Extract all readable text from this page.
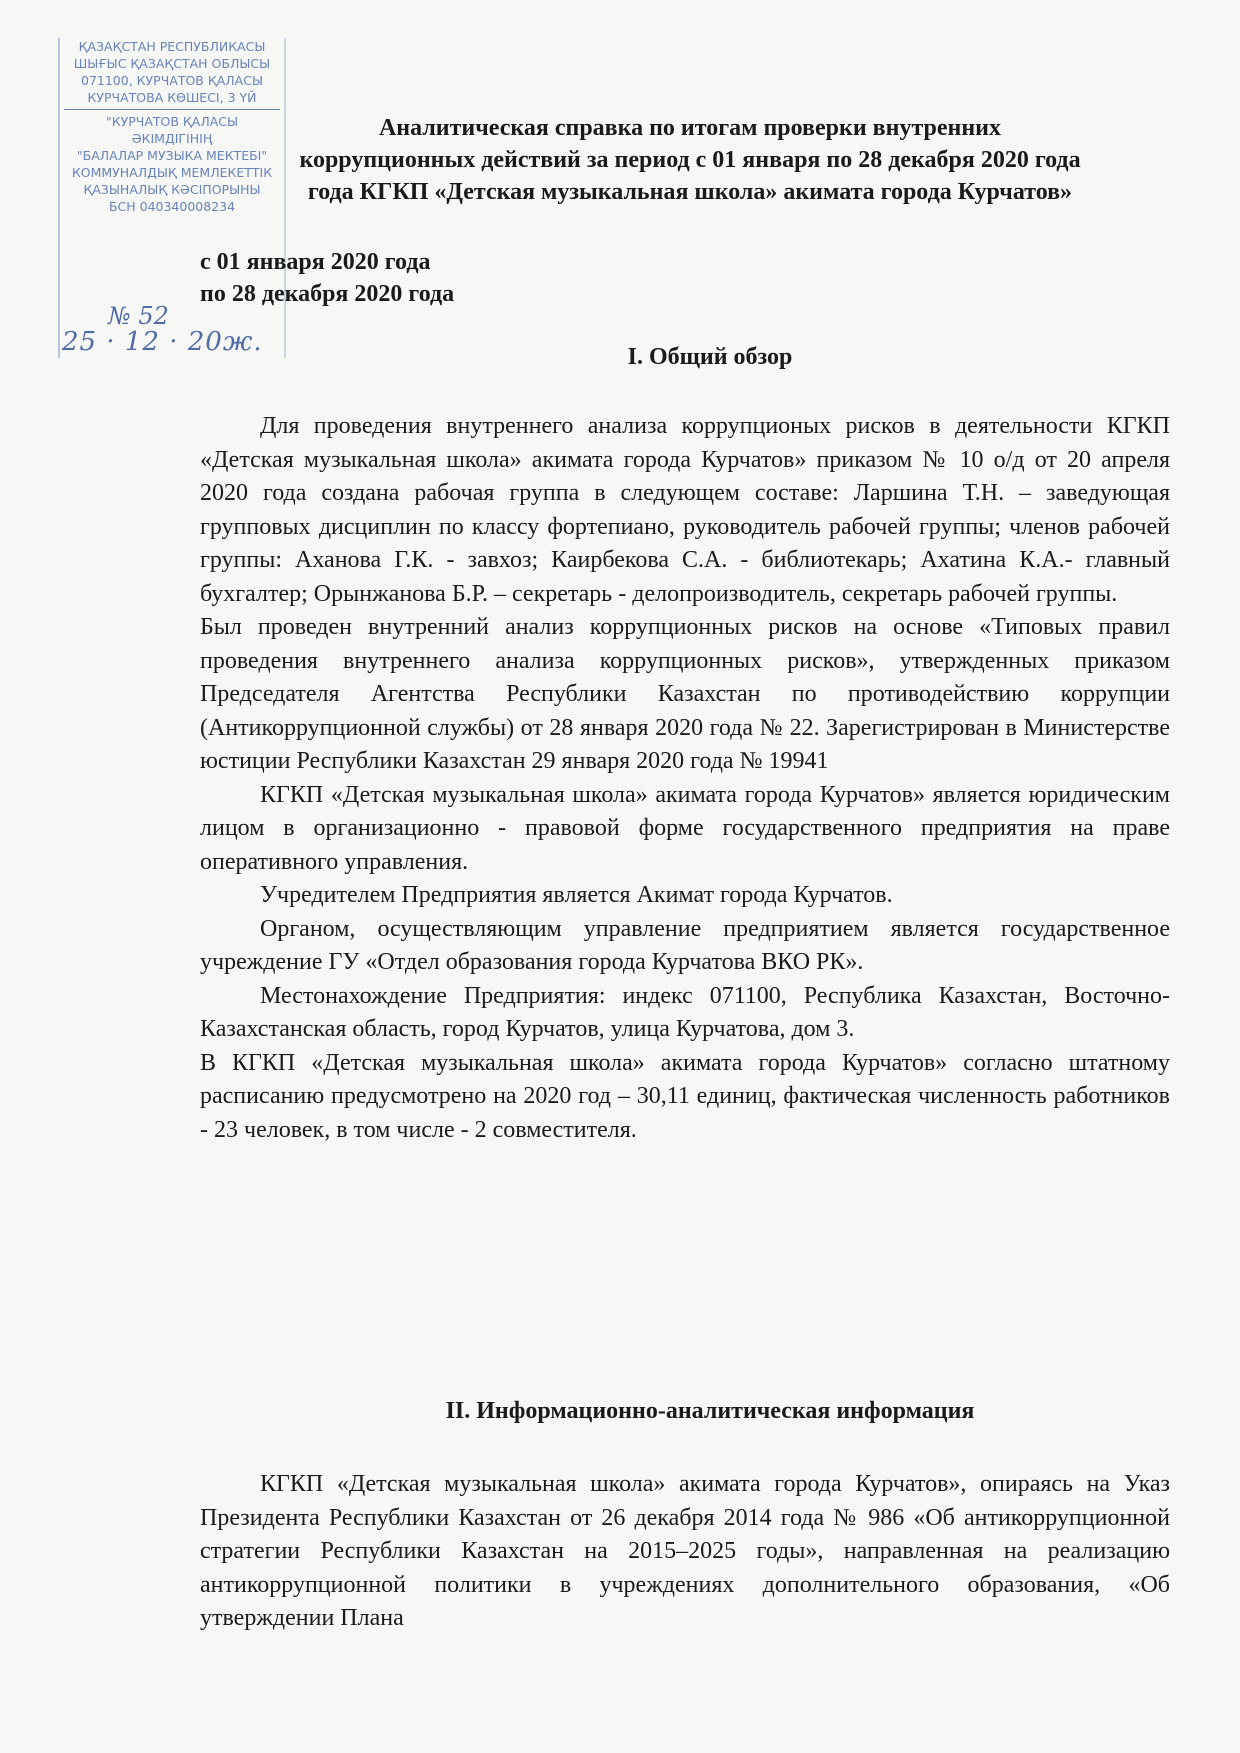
ҚАЗАҚСТАН РЕСПУБЛИКАСЫ
ШЫҒЫС ҚАЗАҚСТАН ОБЛЫСЫ
071100, КУРЧАТОВ ҚАЛАСЫ
КУРЧАТОВА КӨШЕСІ, 3 ҮЙ
"КУРЧАТОВ ҚАЛАСЫ
ӘКІМДІГІНІҢ
"БАЛАЛАР МУЗЫКА МЕКТЕБІ"
КОММУНАЛДЫҚ МЕМЛЕКЕТТІК
ҚАЗЫНАЛЫҚ КӘСІПОРЫНЫ
БСН 040340008234
№ 52
25 · 12 · 20ж.
Аналитическая справка по итогам проверки внутренних
коррупционных действий за период с 01 января по 28 декабря 2020 года
года КГКП «Детская музыкальная школа» акимата города Курчатов»
с 01 января 2020 года
по 28 декабря 2020 года
I. Общий обзор

Для проведения внутреннего анализа коррупционых рисков в деятельности КГКП «Детская музыкальная школа» акимата города Курчатов» приказом № 10 о/д от 20 апреля 2020 года создана рабочая группа в следующем составе: Ларшина Т.Н. – заведующая групповых дисциплин по классу фортепиано, руководитель рабочей группы; членов рабочей группы: Аханова Г.К. - завхоз; Каирбекова С.А. - библиотекарь; Ахатина К.А.- главный бухгалтер; Орынжанова Б.Р. – секретарь - делопроизводитель, секретарь рабочей группы.

Был проведен внутренний анализ коррупционных рисков на основе «Типовых правил проведения внутреннего анализа коррупционных рисков», утвержденных приказом Председателя Агентства Республики Казахстан по противодействию коррупции (Антикоррупционной службы) от 28 января 2020 года № 22. Зарегистрирован в Министерстве юстиции Республики Казахстан 29 января 2020 года № 19941

КГКП «Детская музыкальная школа» акимата города Курчатов» является юридическим лицом в организационно - правовой форме государственного предприятия на праве оперативного управления.

Учредителем Предприятия является Акимат города Курчатов.

Органом, осуществляющим управление предприятием является государственное учреждение ГУ «Отдел образования города Курчатова ВКО РК».

Местонахождение Предприятия: индекс 071100, Республика Казахстан, Восточно-Казахстанская область, город Курчатов, улица Курчатова, дом 3.

В КГКП «Детская музыкальная школа» акимата города Курчатов» согласно штатному расписанию предусмотрено на 2020 год – 30,11 единиц, фактическая численность работников - 23 человек, в том числе - 2 совместителя.

II. Информационно-аналитическая информация

КГКП «Детская музыкальная школа» акимата города Курчатов», опираясь на Указ Президента Республики Казахстан от 26 декабря 2014 года № 986 «Об антикоррупционной стратегии Республики Казахстан на 2015–2025 годы», направленная на реализацию антикоррупционной политики в учреждениях дополнительного образования, «Об утверждении Плана
